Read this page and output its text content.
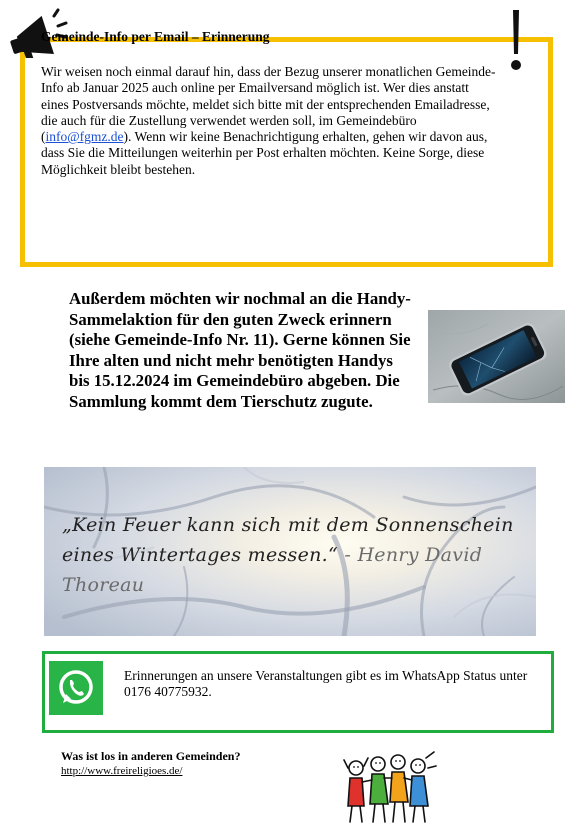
Gemeinde-Info per Email – Erinnerung
Wir weisen noch einmal darauf hin, dass der Bezug unserer monatlichen Gemeinde-Info ab Januar 2025 auch online per Emailversand möglich ist. Wer dies anstatt eines Postversands möchte, meldet sich bitte mit der entsprechenden Emailadresse, die auch für die Zustellung verwendet werden soll, im Gemeindebüro (info@fgmz.de). Wenn wir keine Benachrichtigung erhalten, gehen wir davon aus, dass Sie die Mitteilungen weiterhin per Post erhalten möchten. Keine Sorge, diese Möglichkeit bleibt bestehen.
Außerdem möchten wir nochmal an die Handy-Sammelaktion für den guten Zweck erinnern (siehe Gemeinde-Info Nr. 11). Gerne können Sie Ihre alten und nicht mehr benötigten Handys bis 15.12.2024 im Gemeindebüro abgeben. Die Sammlung kommt dem Tierschutz zugute.
„Kein Feuer kann sich mit dem Sonnenschein eines Wintertages messen.“ - Henry David Thoreau
Erinnerungen an unsere Veranstaltungen gibt es im WhatsApp Status unter 0176 40775932.
Was ist los in anderen Gemeinden?
http://www.freireligioes.de/
